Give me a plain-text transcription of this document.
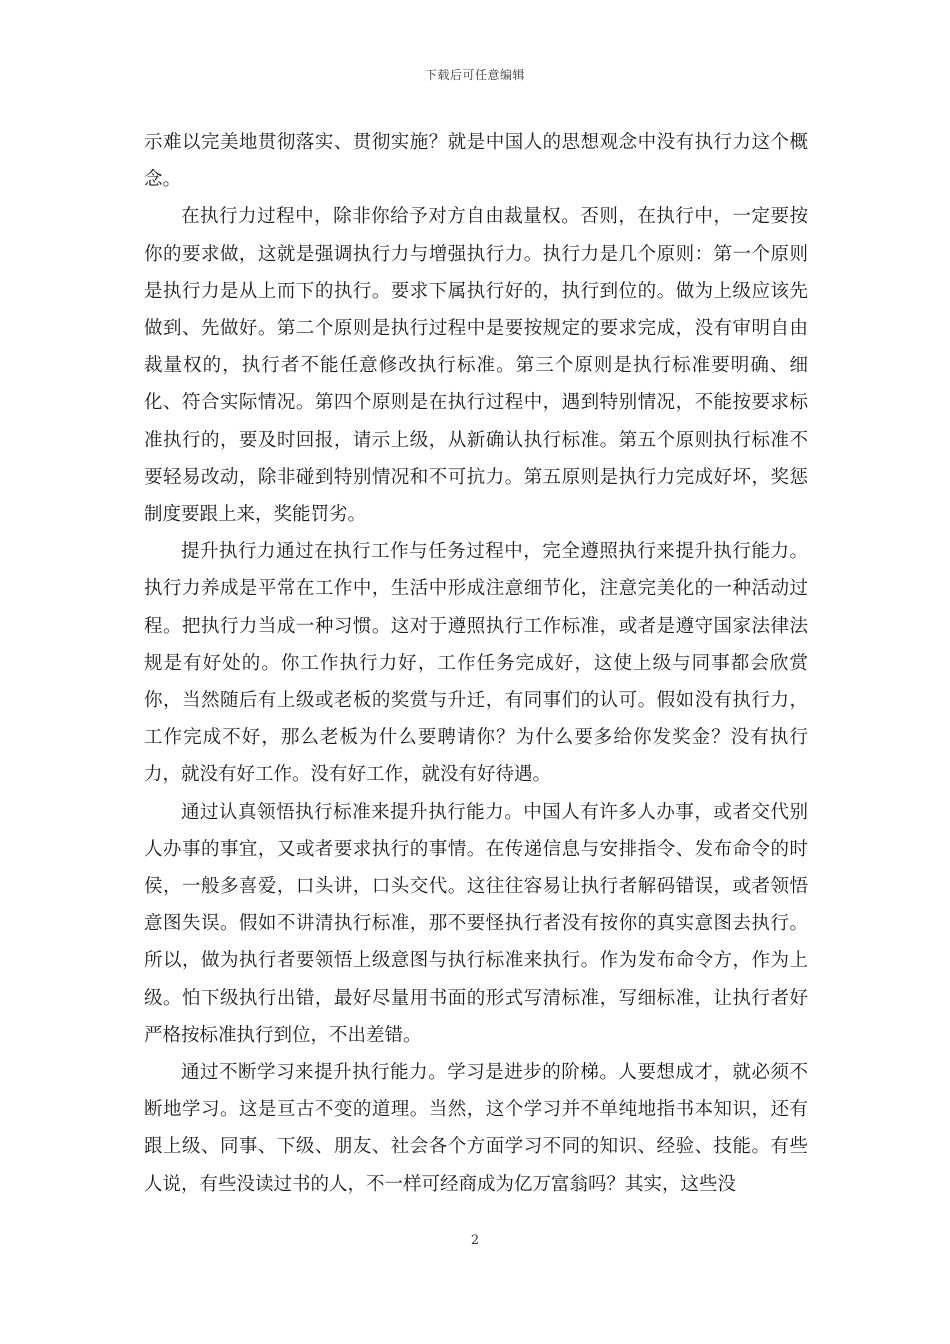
下载后可任意编辑

示难以完美地贯彻落实、贯彻实施？就是中国人的思想观念中没有执行力这个概念。

在执行力过程中，除非你给予对方自由裁量权。否则，在执行中，一定要按你的要求做，这就是强调执行力与增强执行力。执行力是几个原则：第一个原则是执行力是从上而下的执行。要求下属执行好的，执行到位的。做为上级应该先做到、先做好。第二个原则是执行过程中是要按规定的要求完成，没有审明自由裁量权的，执行者不能任意修改执行标准。第三个原则是执行标准要明确、细化、符合实际情况。第四个原则是在执行过程中，遇到特别情况，不能按要求标准执行的，要及时回报，请示上级，从新确认执行标准。第五个原则执行标准不要轻易改动，除非碰到特别情况和不可抗力。第五原则是执行力完成好坏，奖惩制度要跟上来，奖能罚劣。

提升执行力通过在执行工作与任务过程中，完全遵照执行来提升执行能力。执行力养成是平常在工作中，生活中形成注意细节化，注意完美化的一种活动过程。把执行力当成一种习惯。这对于遵照执行工作标准，或者是遵守国家法律法规是有好处的。你工作执行力好，工作任务完成好，这使上级与同事都会欣赏你，当然随后有上级或老板的奖赏与升迁，有同事们的认可。假如没有执行力，工作完成不好，那么老板为什么要聘请你？为什么要多给你发奖金？没有执行力，就没有好工作。没有好工作，就没有好待遇。

通过认真领悟执行标准来提升执行能力。中国人有许多人办事，或者交代别人办事的事宜，又或者要求执行的事情。在传递信息与安排指令、发布命令的时侯，一般多喜爱，口头讲，口头交代。这往往容易让执行者解码错误，或者领悟意图失误。假如不讲清执行标准，那不要怪执行者没有按你的真实意图去执行。所以，做为执行者要领悟上级意图与执行标准来执行。作为发布命令方，作为上级。怕下级执行出错，最好尽量用书面的形式写清标准，写细标准，让执行者好严格按标准执行到位，不出差错。

通过不断学习来提升执行能力。学习是进步的阶梯。人要想成才，就必须不断地学习。这是亘古不变的道理。当然，这个学习并不单纯地指书本知识，还有跟上级、同事、下级、朋友、社会各个方面学习不同的知识、经验、技能。有些人说，有些没读过书的人，不一样可经商成为亿万富翁吗？其实，这些没

2
